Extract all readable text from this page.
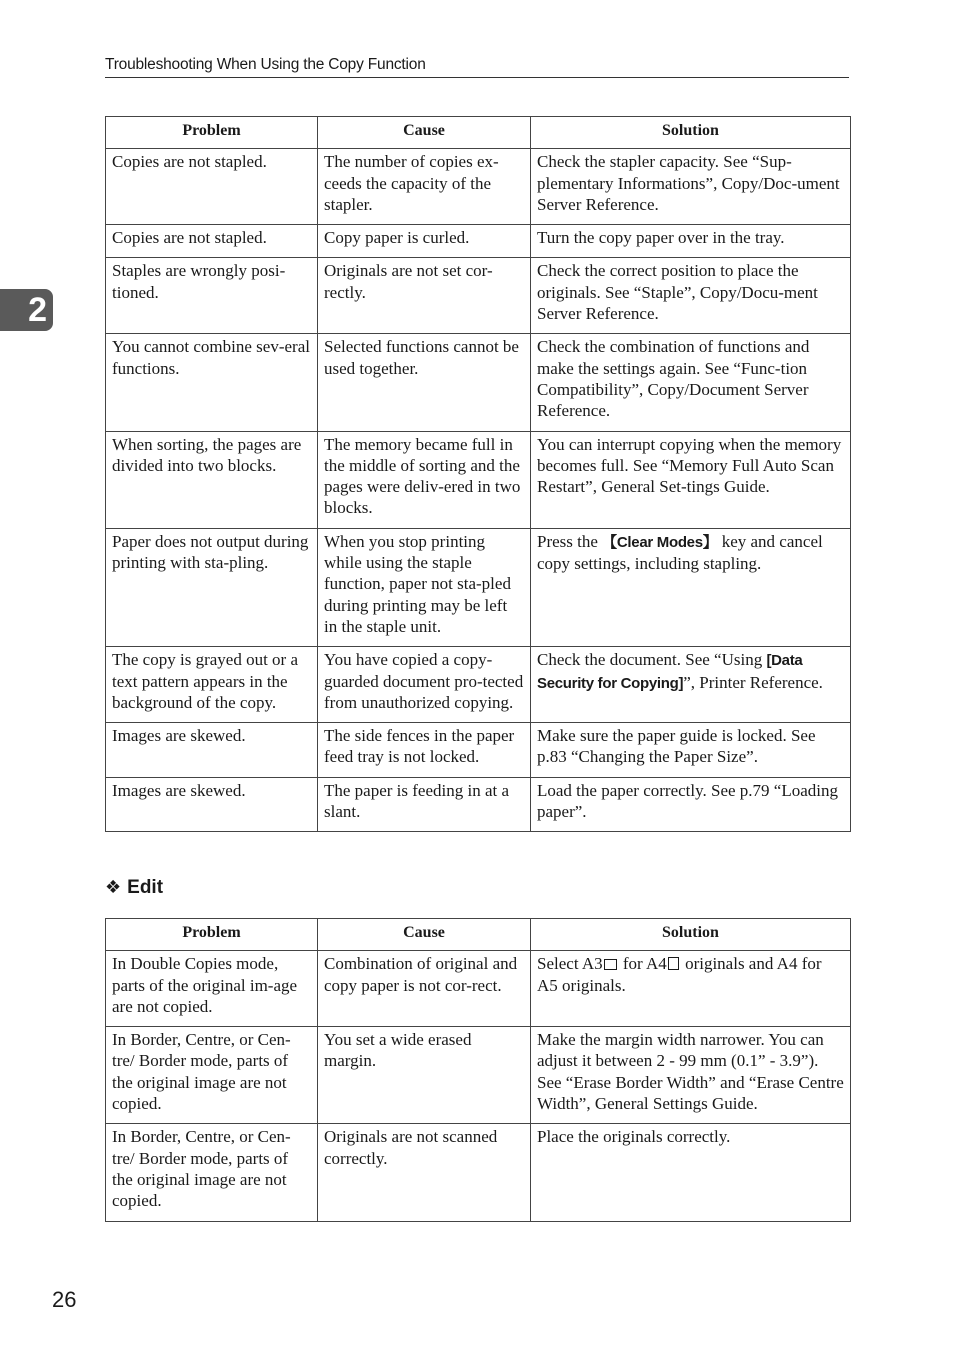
Troubleshooting When Using the Copy Function
2
Problem	Cause	Solution
Copies are not stapled.	The number of copies ex-ceeds the capacity of the stapler.	Check the stapler capacity. See “Sup-plementary Informations”, Copy/Doc-ument Server Reference.
Copies are not stapled.	Copy paper is curled.	Turn the copy paper over in the tray.
Staples are wrongly posi-tioned.	Originals are not set cor-rectly.	Check the correct position to place the originals. See “Staple”, Copy/Docu-ment Server Reference.
You cannot combine sev-eral functions.	Selected functions cannot be used together.	Check the combination of functions and make the settings again. See “Func-tion Compatibility”, Copy/Document Server Reference.
When sorting, the pages are divided into two blocks.	The memory became full in the middle of sorting and the pages were deliv-ered in two blocks.	You can interrupt copying when the memory becomes full. See “Memory Full Auto Scan Restart”, General Set-tings Guide.
Paper does not output during printing with sta-pling.	When you stop printing while using the staple function, paper not sta-pled during printing may be left in the staple unit.	Press the 【Clear Modes】 key and cancel copy settings, including stapling.
The copy is grayed out or a text pattern appears in the background of the copy.	You have copied a copy-guarded document pro-tected from unauthorized copying.	Check the document. See “Using [Data Security for Copying]”, Printer Reference.
Images are skewed.	The side fences in the paper feed tray is not locked.	Make sure the paper guide is locked. See p.83 “Changing the Paper Size”.
Images are skewed.	The paper is feeding in at a slant.	Load the paper correctly. See p.79 “Loading paper”.
❖ Edit
Problem	Cause	Solution
In Double Copies mode, parts of the original im-age are not copied.	Combination of original and copy paper is not cor-rect.	Select A3 for A4 originals and A4 for A5 originals.
In Border, Centre, or Cen-tre/ Border mode, parts of the original image are not copied.	You set a wide erased margin.	Make the margin width narrower. You can adjust it between 2 - 99 mm (0.1” - 3.9”). See “Erase Border Width” and “Erase Centre Width”, General Settings Guide.
In Border, Centre, or Cen-tre/ Border mode, parts of the original image are not copied.	Originals are not scanned correctly.	Place the originals correctly.
26
